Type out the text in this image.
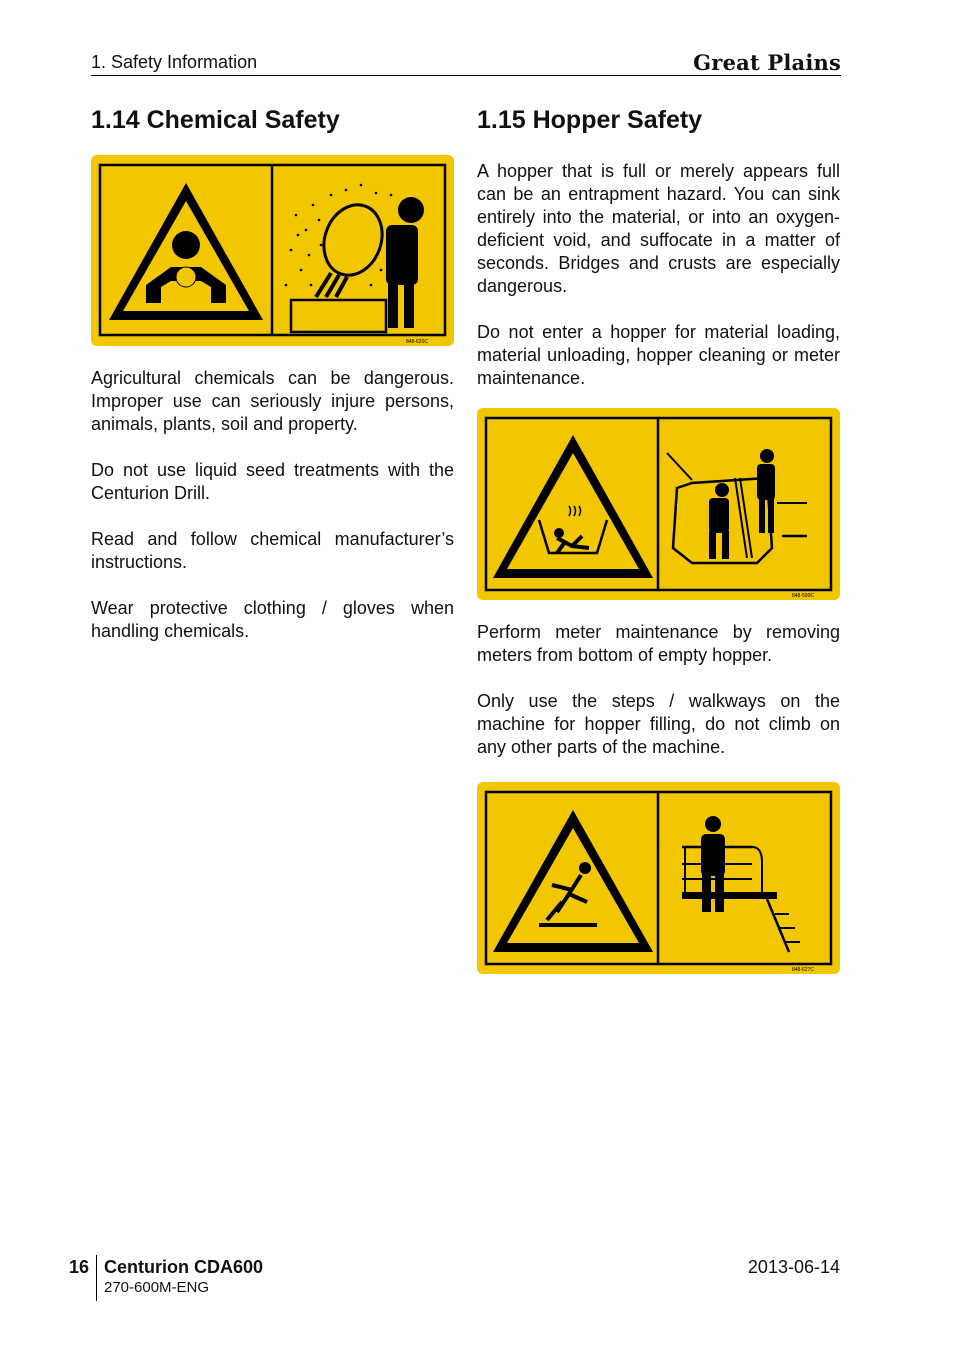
1. Safety Information	Great Plains
1.14 Chemical Safety
848-620C

Agricultural chemicals can be dangerous. Improper use can seriously injure persons, animals, plants, soil and property.

Do not use liquid seed treatments with the Centurion Drill.

Read and follow chemical manufacturer’s instructions.

Wear protective clothing / gloves when handling chemicals.

1.15 Hopper Safety

A hopper that is full or merely appears full can be an entrapment hazard. You can sink entirely into the material, or into an oxygen-deficient void, and suffocate in a matter of seconds. Bridges and crusts are especially dangerous.

Do not enter a hopper for material loading, material unloading, hopper cleaning or meter maintenance.

848-590C

Perform meter maintenance by removing meters from bottom of empty hopper.

Only use the steps / walkways on the machine for hopper filling, do not climb on any other parts of the machine.

848-627C
16 Centurion CDA600
270-600M-ENG
2013-06-14
